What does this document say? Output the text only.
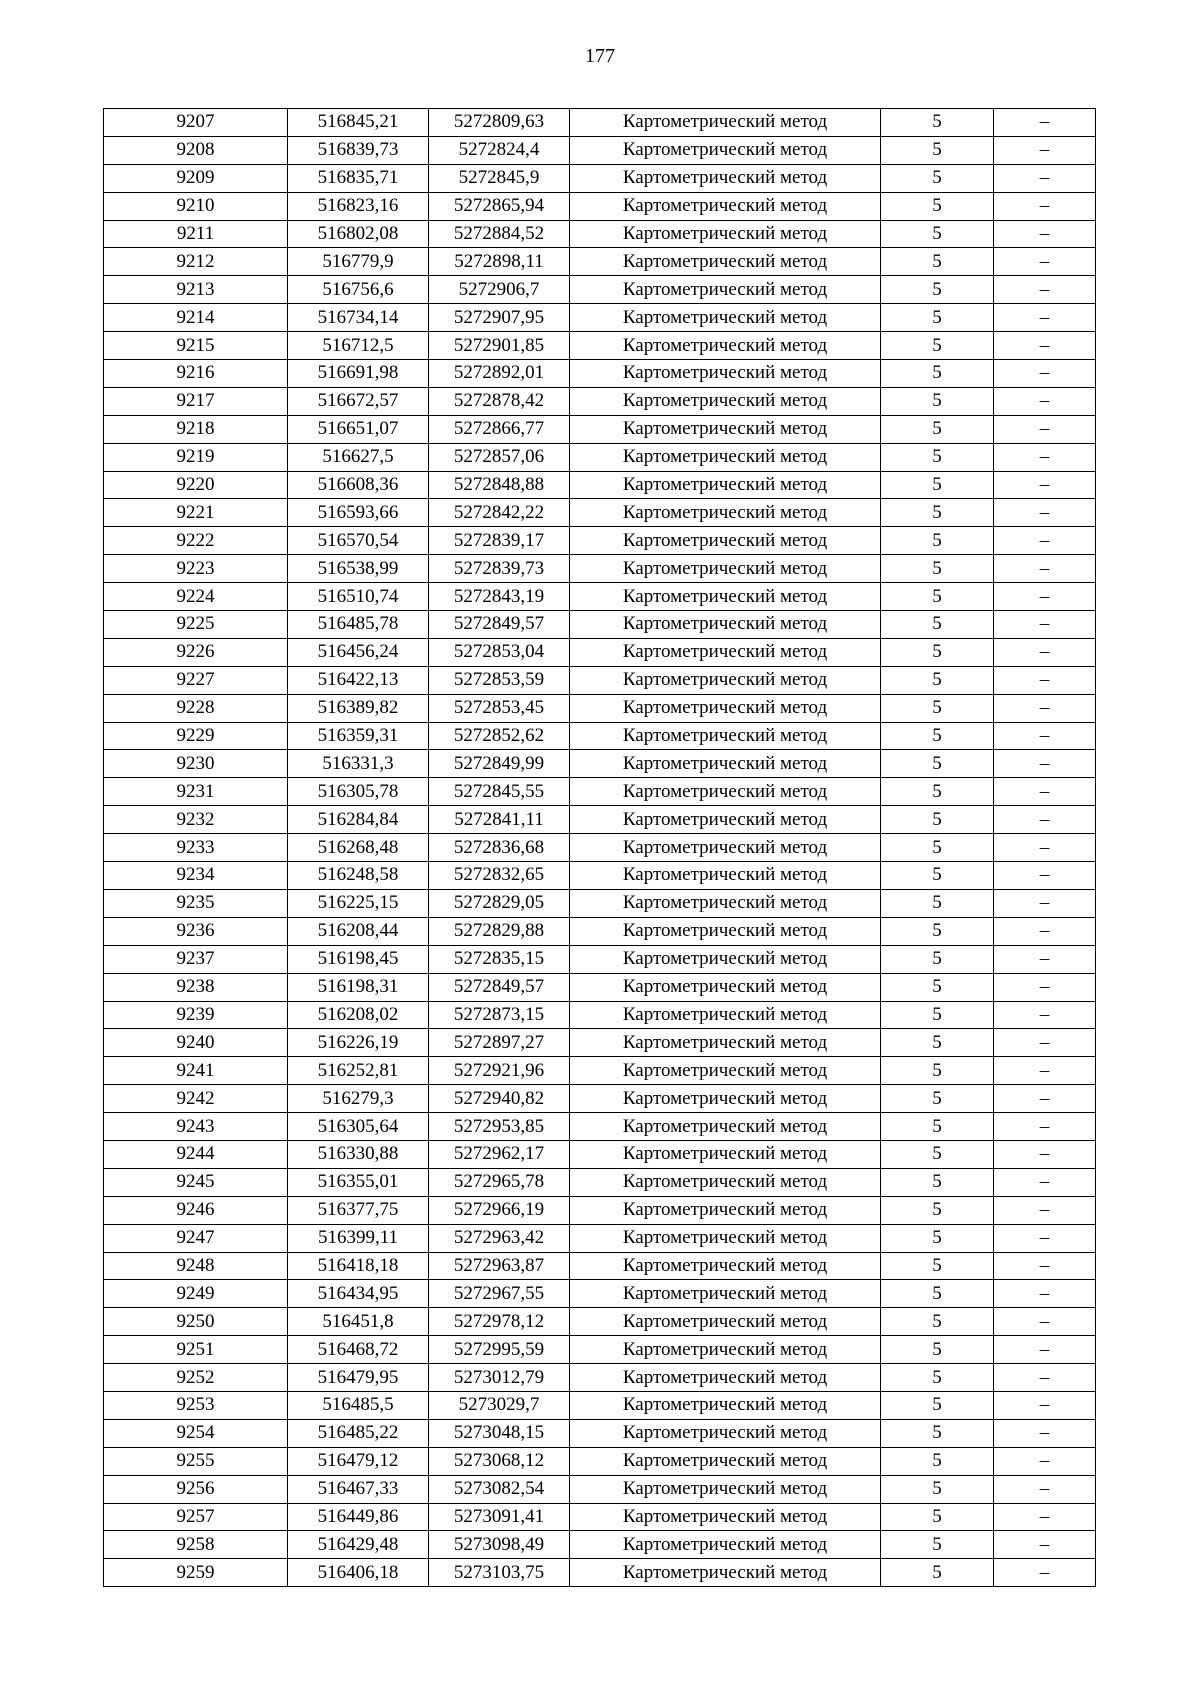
177
9207	516845,21	5272809,63	Картометрический метод	5	–
9208	516839,73	5272824,4	Картометрический метод	5	–
9209	516835,71	5272845,9	Картометрический метод	5	–
9210	516823,16	5272865,94	Картометрический метод	5	–
9211	516802,08	5272884,52	Картометрический метод	5	–
9212	516779,9	5272898,11	Картометрический метод	5	–
9213	516756,6	5272906,7	Картометрический метод	5	–
9214	516734,14	5272907,95	Картометрический метод	5	–
9215	516712,5	5272901,85	Картометрический метод	5	–
9216	516691,98	5272892,01	Картометрический метод	5	–
9217	516672,57	5272878,42	Картометрический метод	5	–
9218	516651,07	5272866,77	Картометрический метод	5	–
9219	516627,5	5272857,06	Картометрический метод	5	–
9220	516608,36	5272848,88	Картометрический метод	5	–
9221	516593,66	5272842,22	Картометрический метод	5	–
9222	516570,54	5272839,17	Картометрический метод	5	–
9223	516538,99	5272839,73	Картометрический метод	5	–
9224	516510,74	5272843,19	Картометрический метод	5	–
9225	516485,78	5272849,57	Картометрический метод	5	–
9226	516456,24	5272853,04	Картометрический метод	5	–
9227	516422,13	5272853,59	Картометрический метод	5	–
9228	516389,82	5272853,45	Картометрический метод	5	–
9229	516359,31	5272852,62	Картометрический метод	5	–
9230	516331,3	5272849,99	Картометрический метод	5	–
9231	516305,78	5272845,55	Картометрический метод	5	–
9232	516284,84	5272841,11	Картометрический метод	5	–
9233	516268,48	5272836,68	Картометрический метод	5	–
9234	516248,58	5272832,65	Картометрический метод	5	–
9235	516225,15	5272829,05	Картометрический метод	5	–
9236	516208,44	5272829,88	Картометрический метод	5	–
9237	516198,45	5272835,15	Картометрический метод	5	–
9238	516198,31	5272849,57	Картометрический метод	5	–
9239	516208,02	5272873,15	Картометрический метод	5	–
9240	516226,19	5272897,27	Картометрический метод	5	–
9241	516252,81	5272921,96	Картометрический метод	5	–
9242	516279,3	5272940,82	Картометрический метод	5	–
9243	516305,64	5272953,85	Картометрический метод	5	–
9244	516330,88	5272962,17	Картометрический метод	5	–
9245	516355,01	5272965,78	Картометрический метод	5	–
9246	516377,75	5272966,19	Картометрический метод	5	–
9247	516399,11	5272963,42	Картометрический метод	5	–
9248	516418,18	5272963,87	Картометрический метод	5	–
9249	516434,95	5272967,55	Картометрический метод	5	–
9250	516451,8	5272978,12	Картометрический метод	5	–
9251	516468,72	5272995,59	Картометрический метод	5	–
9252	516479,95	5273012,79	Картометрический метод	5	–
9253	516485,5	5273029,7	Картометрический метод	5	–
9254	516485,22	5273048,15	Картометрический метод	5	–
9255	516479,12	5273068,12	Картометрический метод	5	–
9256	516467,33	5273082,54	Картометрический метод	5	–
9257	516449,86	5273091,41	Картометрический метод	5	–
9258	516429,48	5273098,49	Картометрический метод	5	–
9259	516406,18	5273103,75	Картометрический метод	5	–
